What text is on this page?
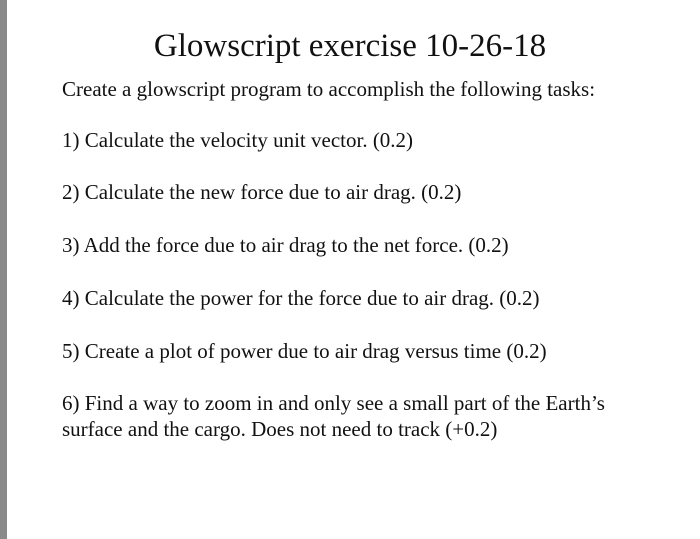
Glowscript exercise 10-26-18

Create a glowscript program to accomplish the following tasks:

1) Calculate the velocity unit vector. (0.2)

2) Calculate the new force due to air drag. (0.2)

3) Add the force due to air drag to the net force. (0.2)

4) Calculate the power for the force due to air drag. (0.2)

5) Create a plot of power due to air drag versus time (0.2)

6) Find a way to zoom in and only see a small part of the Earth’s

surface and the cargo. Does not need to track (+0.2)
